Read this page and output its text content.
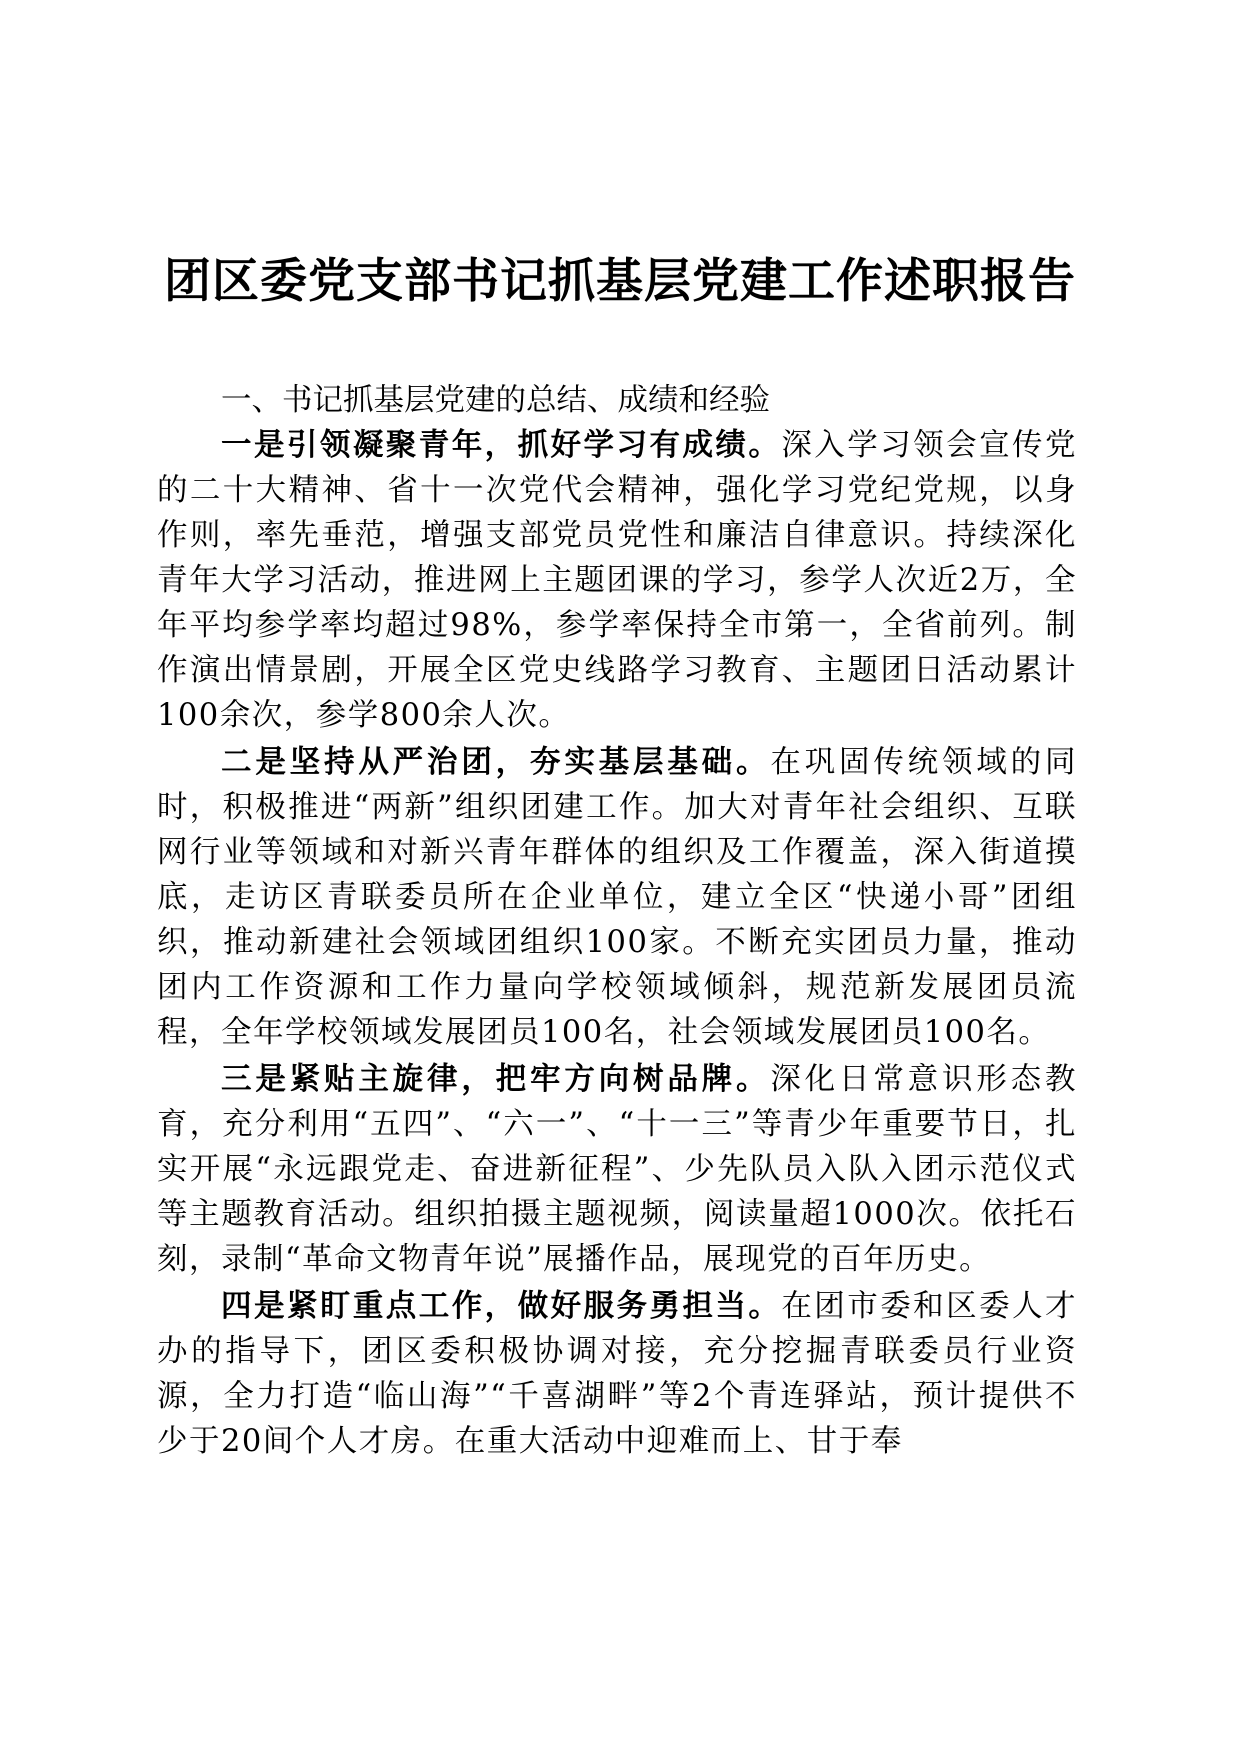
团区委党支部书记抓基层党建工作述职报告
一、书记抓基层党建的总结、成绩和经验

一是引领凝聚青年，抓好学习有成绩。深入学习领会宣传党的二十大精神、省十一次党代会精神，强化学习党纪党规，以身作则，率先垂范，增强支部党员党性和廉洁自律意识。持续深化青年大学习活动，推进网上主题团课的学习，参学人次近2万，全年平均参学率均超过98%，参学率保持全市第一，全省前列。制作演出情景剧，开展全区党史线路学习教育、主题团日活动累计100余次，参学800余人次。

二是坚持从严治团，夯实基层基础。在巩固传统领域的同时，积极推进“两新”组织团建工作。加大对青年社会组织、互联网行业等领域和对新兴青年群体的组织及工作覆盖，深入街道摸底，走访区青联委员所在企业单位，建立全区“快递小哥”团组织，推动新建社会领域团组织100家。不断充实团员力量，推动团内工作资源和工作力量向学校领域倾斜，规范新发展团员流程，全年学校领域发展团员100名，社会领域发展团员100名。

三是紧贴主旋律，把牢方向树品牌。深化日常意识形态教育，充分利用“五四”、“六一”、“十一三”等青少年重要节日，扎实开展“永远跟党走、奋进新征程”、少先队员入队入团示范仪式等主题教育活动。组织拍摄主题视频，阅读量超1000次。依托石刻，录制“革命文物青年说”展播作品，展现党的百年历史。

四是紧盯重点工作，做好服务勇担当。在团市委和区委人才办的指导下，团区委积极协调对接，充分挖掘青联委员行业资源，全力打造“临山海”“千喜湖畔”等2个青连驿站，预计提供不少于20间个人才房。在重大活动中迎难而上、甘于奉
